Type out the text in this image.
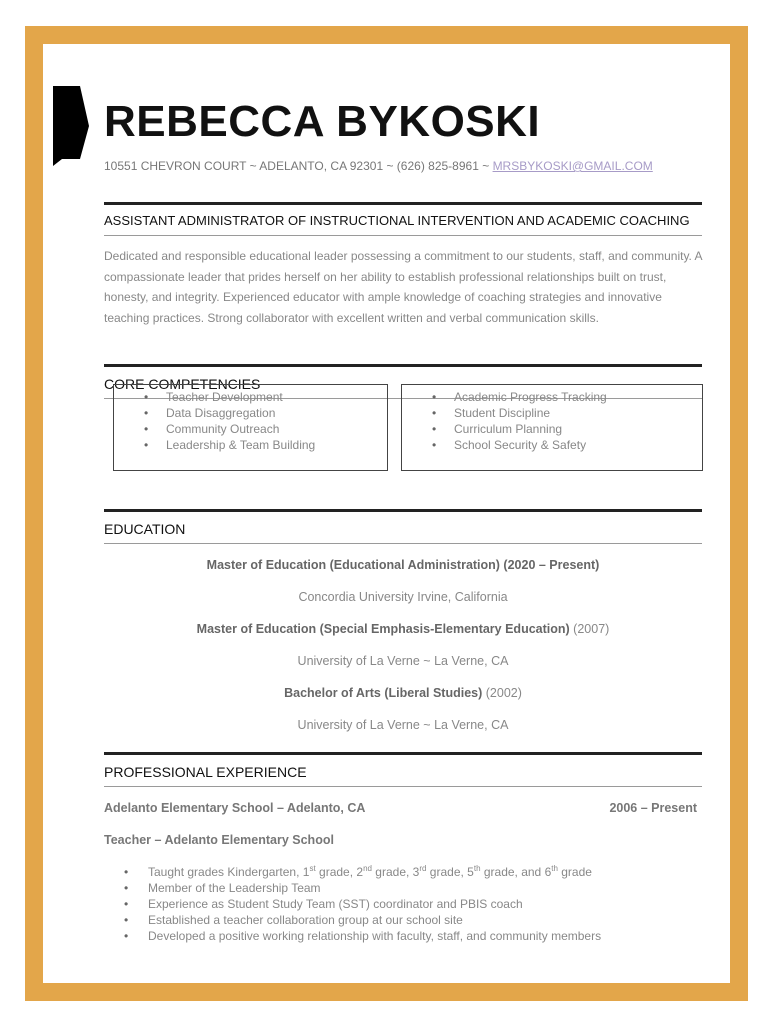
REBECCA BYKOSKI
10551 CHEVRON COURT ~ ADELANTO, CA 92301 ~ (626) 825-8961 ~ MRSBYKOSKI@GMAIL.COM
ASSISTANT ADMINISTRATOR OF INSTRUCTIONAL INTERVENTION AND ACADEMIC COACHING
Dedicated and responsible educational leader possessing a commitment to our students, staff, and community. A compassionate leader that prides herself on her ability to establish professional relationships built on trust, honesty, and integrity. Experienced educator with ample knowledge of coaching strategies and innovative teaching practices. Strong collaborator with excellent written and verbal communication skills.
CORE COMPETENCIES
• Teacher Development
• Data Disaggregation
• Community Outreach
• Leadership & Team Building
• Academic Progress Tracking
• Student Discipline
• Curriculum Planning
• School Security & Safety
EDUCATION
Master of Education (Educational Administration) (2020 – Present)
Concordia University Irvine, California
Master of Education (Special Emphasis-Elementary Education) (2007)
University of La Verne ~ La Verne, CA
Bachelor of Arts (Liberal Studies) (2002)
University of La Verne ~ La Verne, CA
PROFESSIONAL EXPERIENCE
Adelanto Elementary School – Adelanto, CA	2006 – Present
Teacher – Adelanto Elementary School
• Taught grades Kindergarten, 1st grade, 2nd grade, 3rd grade, 5th grade, and 6th grade
• Member of the Leadership Team
• Experience as Student Study Team (SST) coordinator and PBIS coach
• Established a teacher collaboration group at our school site
• Developed a positive working relationship with faculty, staff, and community members
